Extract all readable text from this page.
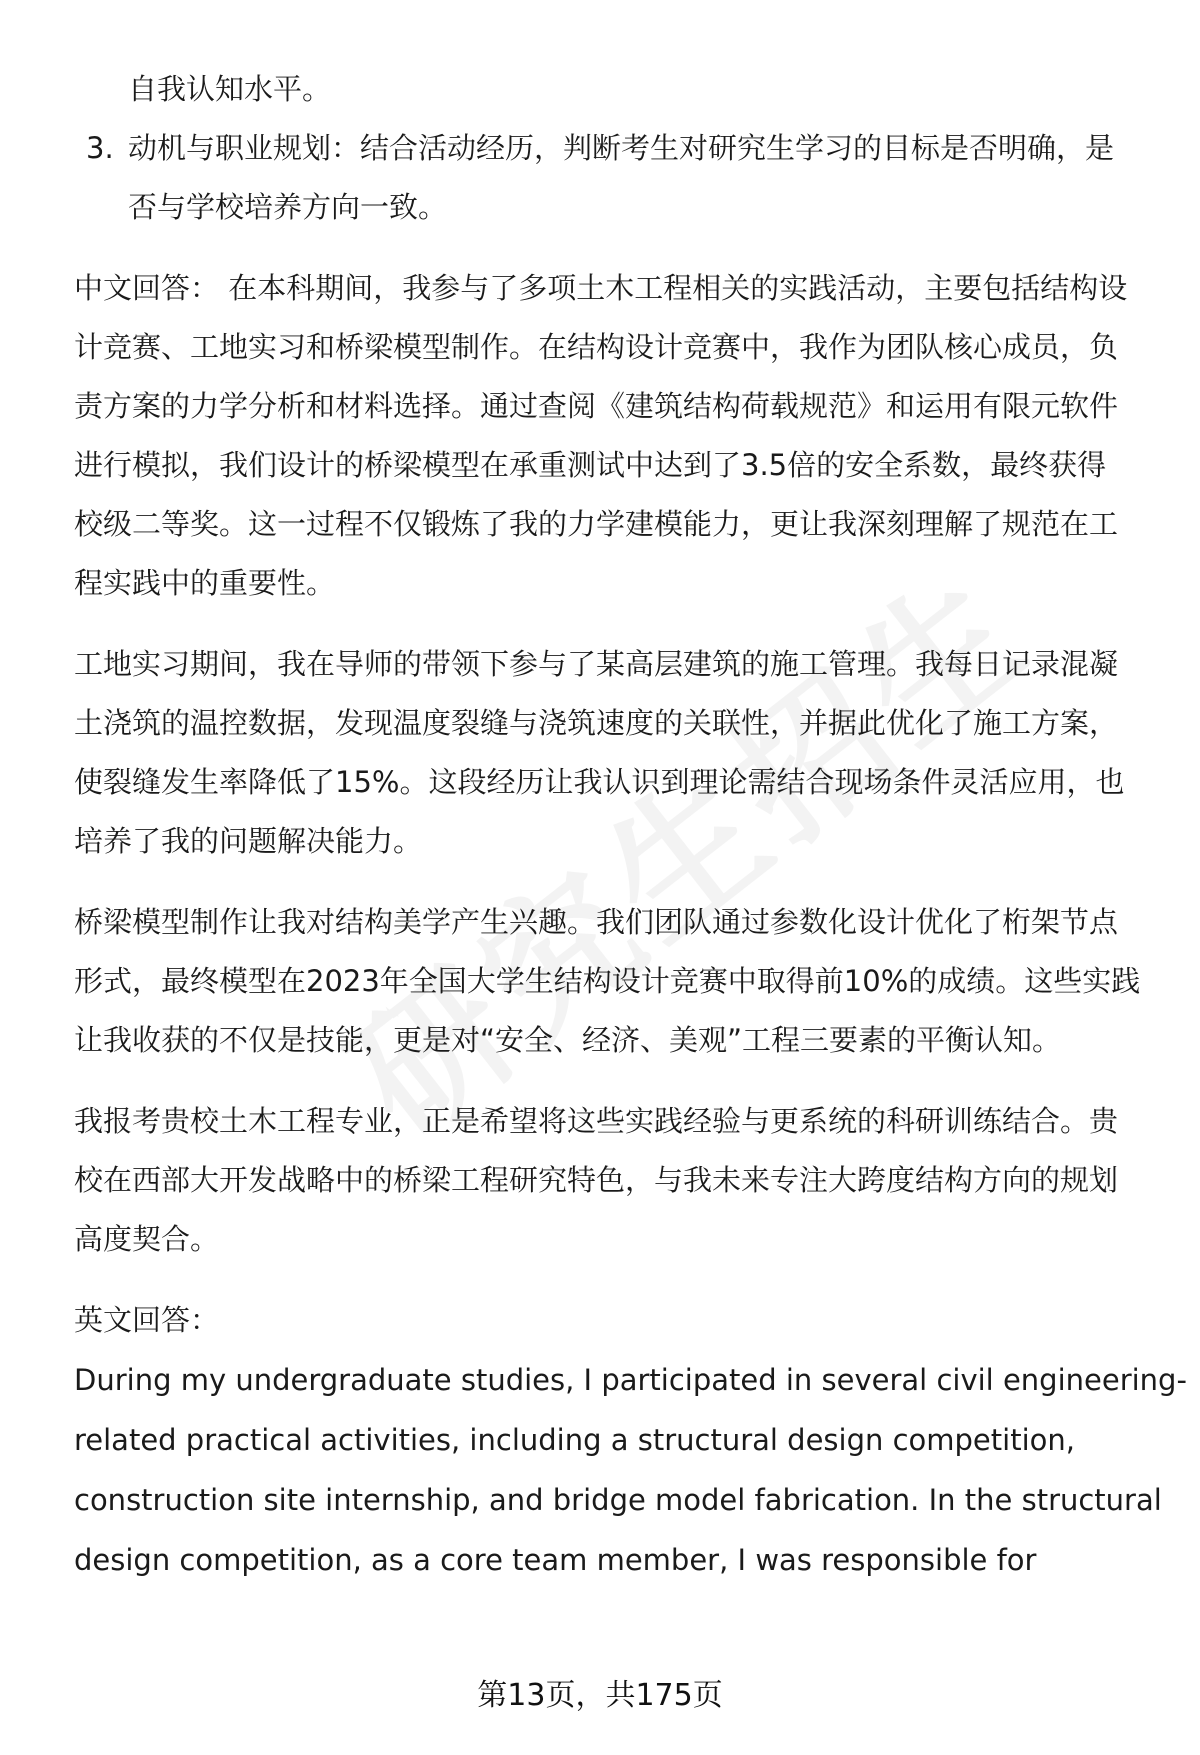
自我认知水平。

3. 动机与职业规划：结合活动经历，判断考生对研究生学习的目标是否明确，是

否与学校培养方向一致。

中文回答： 在本科期间，我参与了多项土木工程相关的实践活动，主要包括结构设

计竞赛、工地实习和桥梁模型制作。在结构设计竞赛中，我作为团队核心成员，负

责方案的力学分析和材料选择。通过查阅《建筑结构荷载规范》和运用有限元软件

进行模拟，我们设计的桥梁模型在承重测试中达到了3.5倍的安全系数，最终获得

校级二等奖。这一过程不仅锻炼了我的力学建模能力，更让我深刻理解了规范在工

程实践中的重要性。

工地实习期间，我在导师的带领下参与了某高层建筑的施工管理。我每日记录混凝

土浇筑的温控数据，发现温度裂缝与浇筑速度的关联性，并据此优化了施工方案，

使裂缝发生率降低了15%。这段经历让我认识到理论需结合现场条件灵活应用，也

培养了我的问题解决能力。

桥梁模型制作让我对结构美学产生兴趣。我们团队通过参数化设计优化了桁架节点

形式，最终模型在2023年全国大学生结构设计竞赛中取得前10%的成绩。这些实践

让我收获的不仅是技能，更是对“安全、经济、美观”工程三要素的平衡认知。

我报考贵校土木工程专业，正是希望将这些实践经验与更系统的科研训练结合。贵

校在西部大开发战略中的桥梁工程研究特色，与我未来专注大跨度结构方向的规划

高度契合。

英文回答：

During my undergraduate studies, I participated in several civil engineering-

related practical activities, including a structural design competition,

construction site internship, and bridge model fabrication. In the structural

design competition, as a core team member, I was responsible for

第13页，共175页
